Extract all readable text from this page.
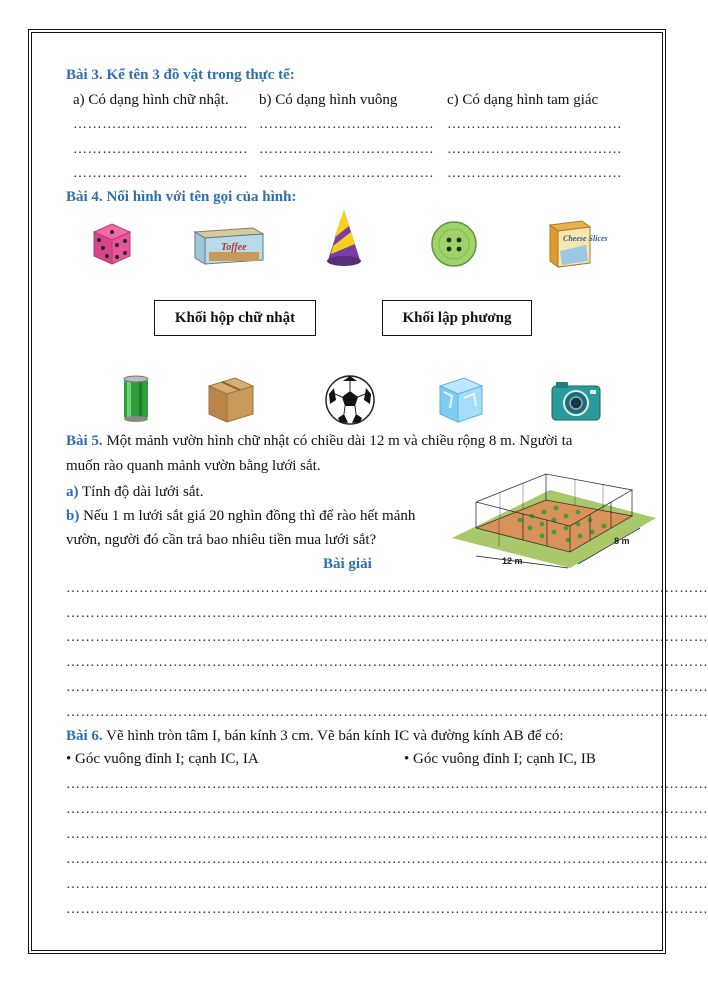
Bài 3. Kể tên 3 đồ vật trong thực tế:
a) Có dạng hình chữ nhật. b) Có dạng hình vuông	c) Có dạng hình tam giác
……………………………… ……………………………… ………………………………
……………………………… ……………………………… ………………………………
……………………………… ……………………………… ………………………………
Bài 4. Nối hình với tên gọi của hình:
Toffee
Cheese Slices
Khối hộp chữ nhật	Khối lập phương
Bài 5. Một mảnh vườn hình chữ nhật có chiều dài 12 m và chiều rộng 8 m. Người ta
muốn rào quanh mảnh vườn bằng lưới sắt.
a) Tính độ dài lưới sắt.
b) Nếu 1 m lưới sắt giá 20 nghìn đồng thì để rào hết mảnh
vườn, người đó cần trả bao nhiêu tiền mua lưới sắt?
12 m
8 m
Bài giải
……………………………………………………………………………………………………………………
……………………………………………………………………………………………………………………
……………………………………………………………………………………………………………………
……………………………………………………………………………………………………………………
……………………………………………………………………………………………………………………
……………………………………………………………………………………………………………………
Bài 6. Vẽ hình tròn tâm I, bán kính 3 cm. Vẽ bán kính IC và đường kính AB để có:
• Góc vuông đỉnh I; cạnh IC, IA	• Góc vuông đỉnh I; cạnh IC, IB
……………………………………………………………………………………………………………………
……………………………………………………………………………………………………………………
……………………………………………………………………………………………………………………
……………………………………………………………………………………………………………………
……………………………………………………………………………………………………………………
……………………………………………………………………………………………………………………
